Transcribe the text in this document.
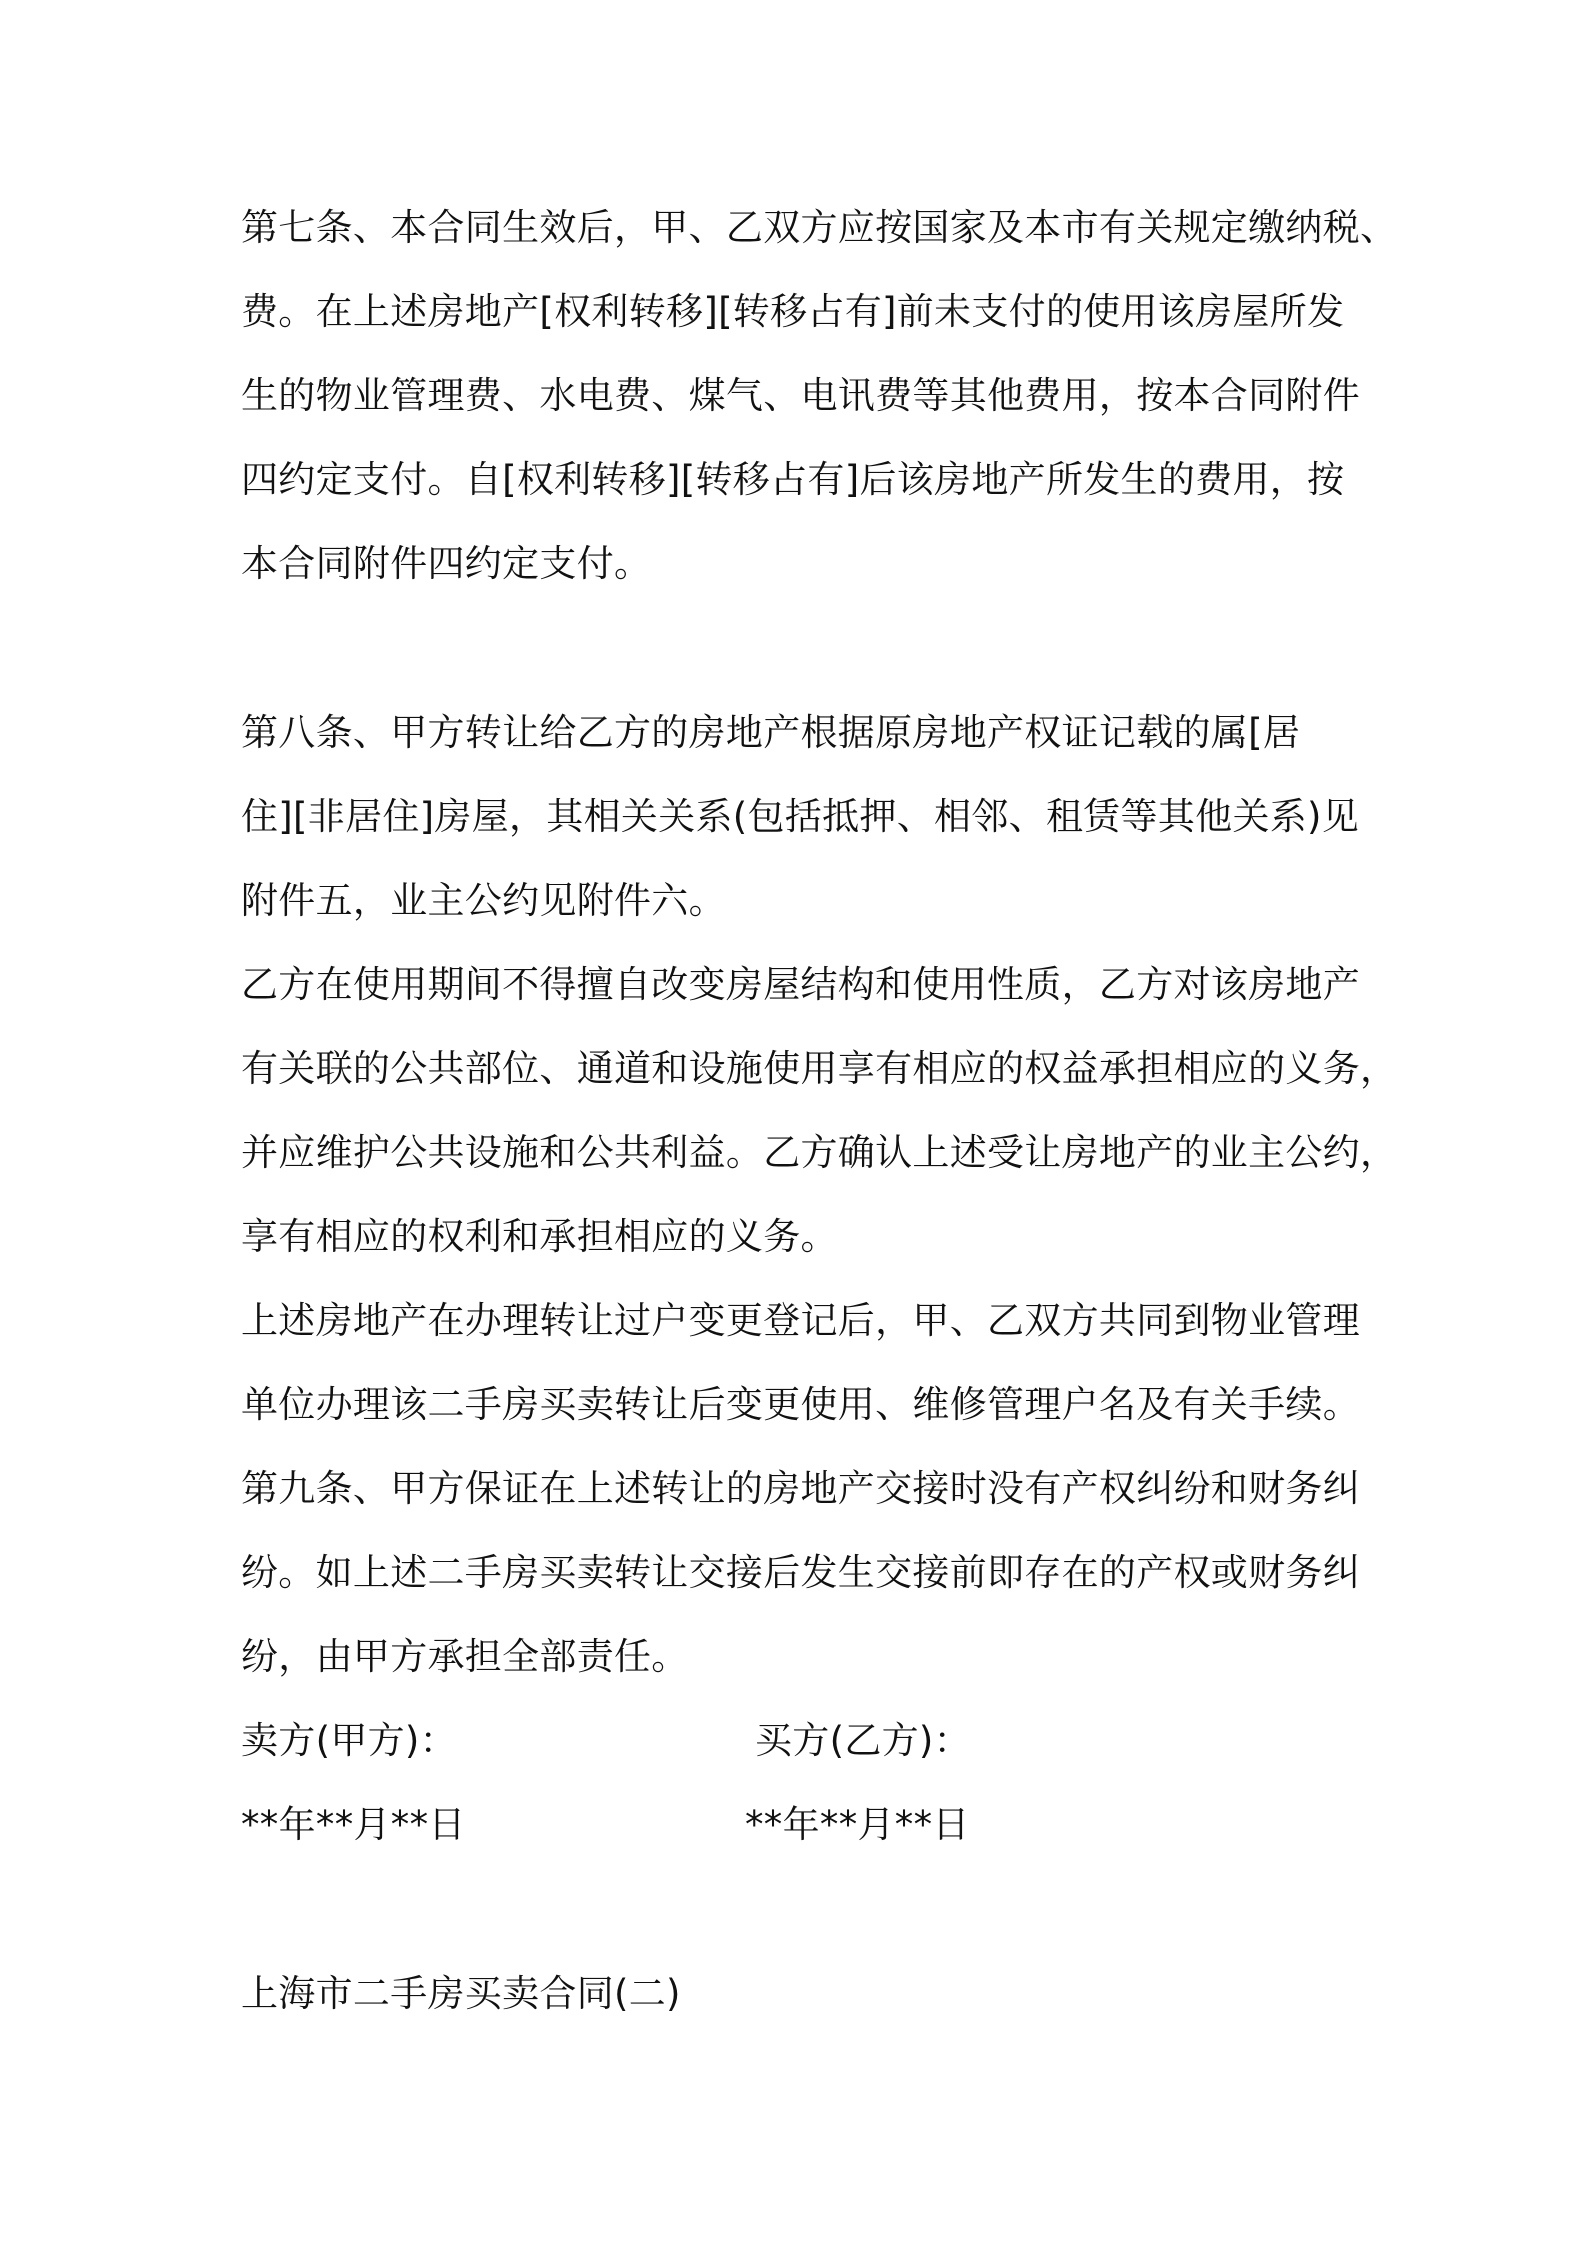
第七条、本合同生效后，甲、乙双方应按国家及本市有关规定缴纳税、
费。在上述房地产[权利转移][转移占有]前未支付的使用该房屋所发
生的物业管理费、水电费、煤气、电讯费等其他费用，按本合同附件
四约定支付。自[权利转移][转移占有]后该房地产所发生的费用，按
本合同附件四约定支付。
第八条、甲方转让给乙方的房地产根据原房地产权证记载的属[居
住][非居住]房屋，其相关关系(包括抵押、相邻、租赁等其他关系)见
附件五，业主公约见附件六。
乙方在使用期间不得擅自改变房屋结构和使用性质，乙方对该房地产
有关联的公共部位、通道和设施使用享有相应的权益承担相应的义务，
并应维护公共设施和公共利益。乙方确认上述受让房地产的业主公约，
享有相应的权利和承担相应的义务。
上述房地产在办理转让过户变更登记后，甲、乙双方共同到物业管理
单位办理该二手房买卖转让后变更使用、维修管理户名及有关手续。
第九条、甲方保证在上述转让的房地产交接时没有产权纠纷和财务纠
纷。如上述二手房买卖转让交接后发生交接前即存在的产权或财务纠
纷，由甲方承担全部责任。
卖方(甲方)：	买方(乙方)：
**年**月**日	**年**月**日
上海市二手房买卖合同(二)
